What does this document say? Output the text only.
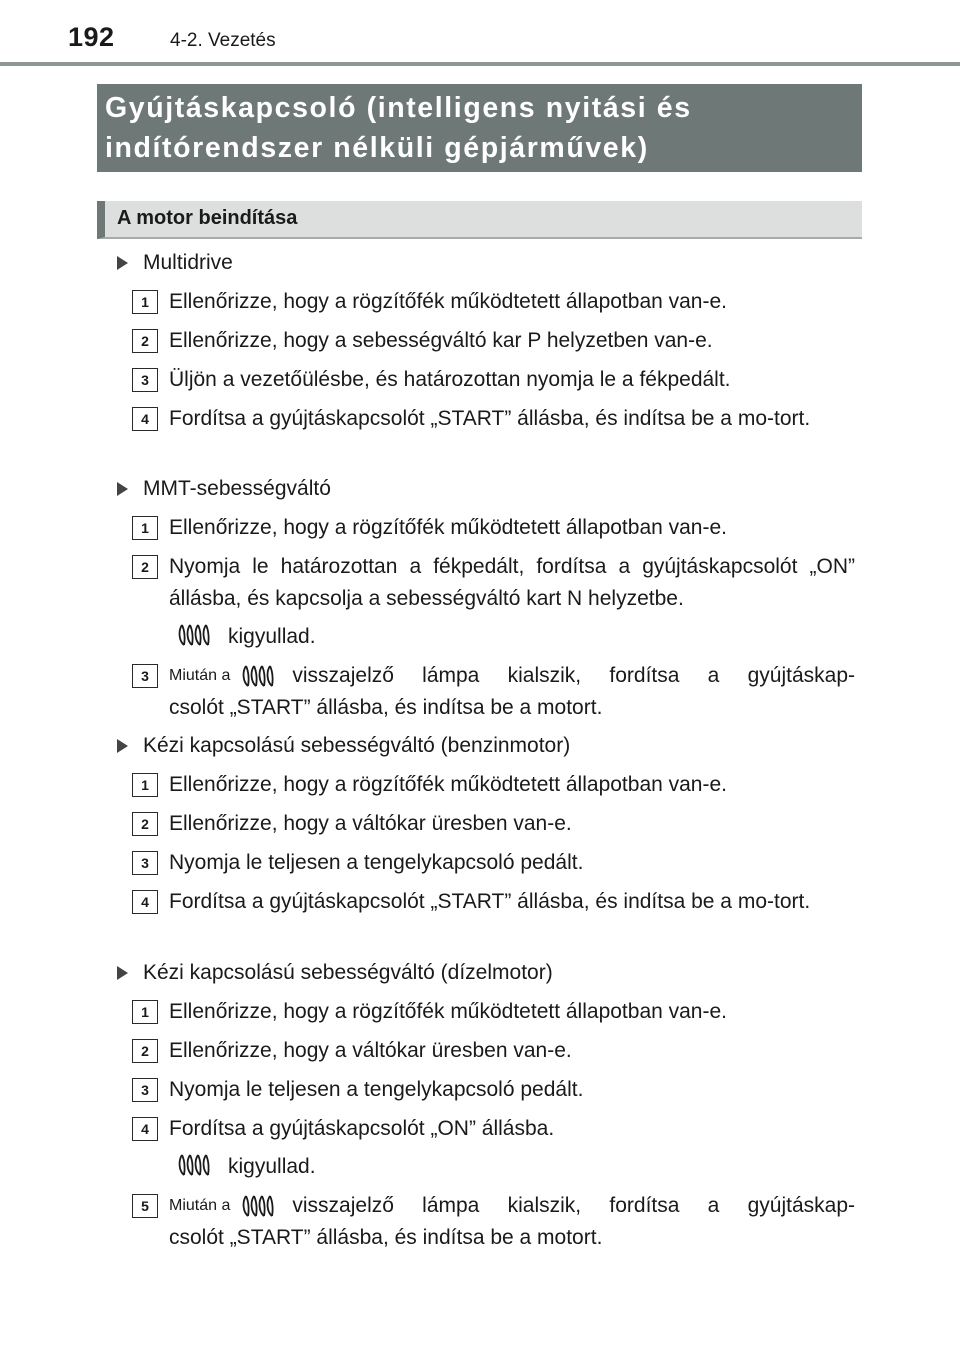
192	4-2. Vezetés
Gyújtáskapcsoló (intelligens nyitási és
indítórendszer nélküli gépjárművek)
A motor beindítása
Multidrive
1 Ellenőrizze, hogy a rögzítőfék működtetett állapotban van-e.
2 Ellenőrizze, hogy a sebességváltó kar P helyzetben van-e.
3 Üljön a vezetőülésbe, és határozottan nyomja le a fékpedált.
4 Fordítsa a gyújtáskapcsolót „START” állásba, és indítsa be a mo-tort.
MMT-sebességváltó
1 Ellenőrizze, hogy a rögzítőfék működtetett állapotban van-e.
2 Nyomja le határozottan a fékpedált, fordítsa a gyújtáskapcsolót „ON” állásba, és kapcsolja a sebességváltó kart N helyzetbe.
kigyullad.
3	Miután a	visszajelző lámpa kialszik, fordítsa a gyújtáskap-
csolót „START” állásba, és indítsa be a motort.
Kézi kapcsolású sebességváltó (benzinmotor)
1 Ellenőrizze, hogy a rögzítőfék működtetett állapotban van-e.
2 Ellenőrizze, hogy a váltókar üresben van-e.
3 Nyomja le teljesen a tengelykapcsoló pedált.
4 Fordítsa a gyújtáskapcsolót „START” állásba, és indítsa be a mo-tort.
Kézi kapcsolású sebességváltó (dízelmotor)
1 Ellenőrizze, hogy a rögzítőfék működtetett állapotban van-e.
2 Ellenőrizze, hogy a váltókar üresben van-e.
3 Nyomja le teljesen a tengelykapcsoló pedált.
4 Fordítsa a gyújtáskapcsolót „ON” állásba.
kigyullad.
5	Miután a	visszajelző lámpa kialszik, fordítsa a gyújtáskap-
csolót „START” állásba, és indítsa be a motort.
